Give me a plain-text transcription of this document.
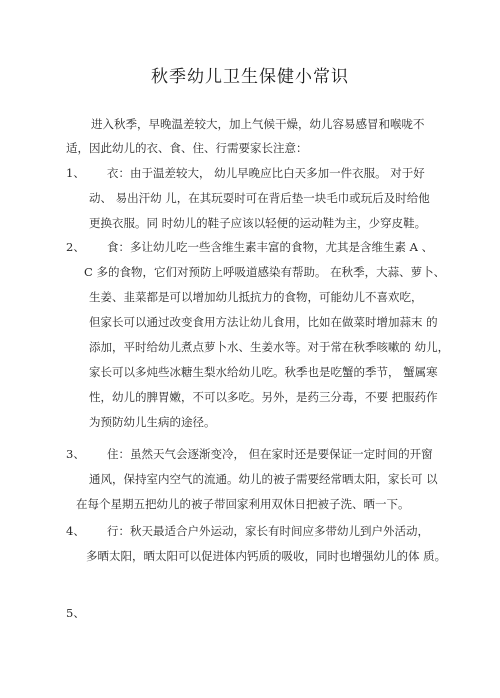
秋季幼儿卫生保健小常识
进入秋季，早晚温差较大，加上气候干燥，幼儿容易感冒和喉咙不
适，因此幼儿的衣、食、住、行需要家长注意：
1、 衣：由于温差较大， 幼儿早晚应比白天多加一件衣服。 对于好
动、 易出汗幼 儿，在其玩耍时可在背后垫一块毛巾或玩后及时给他
更换衣服。同 时幼儿的鞋子应该以轻便的运动鞋为主，少穿皮鞋。
2、 食：多让幼儿吃一些含维生素丰富的食物，尤其是含维生素 A 、
C 多的食物，它们对预防上呼吸道感染有帮助。 在秋季，大蒜、萝卜、
生姜、韭菜都是可以增加幼儿抵抗力的食物，可能幼儿不喜欢吃，
但家长可以通过改变食用方法让幼儿食用，比如在做菜时增加蒜末 的
添加，平时给幼儿煮点萝卜水、生姜水等。对于常在秋季咳嗽的 幼儿，
家长可以多炖些冰糖生梨水给幼儿吃。秋季也是吃蟹的季节， 蟹属寒
性，幼儿的脾胃嫩，不可以多吃。另外，是药三分毒，不要 把服药作
为预防幼儿生病的途径。
3、 住：虽然天气会逐渐变冷， 但在家时还是要保证一定时间的开窗
通风，保持室内空气的流通。幼儿的被子需要经常晒太阳，家长可 以
在每个星期五把幼儿的被子带回家利用双休日把被子洗、晒一下。
4、 行：秋天最适合户外运动，家长有时间应多带幼儿到户外活动，
多晒太阳，晒太阳可以促进体内钙质的吸收，同时也增强幼儿的体 质。
5、
